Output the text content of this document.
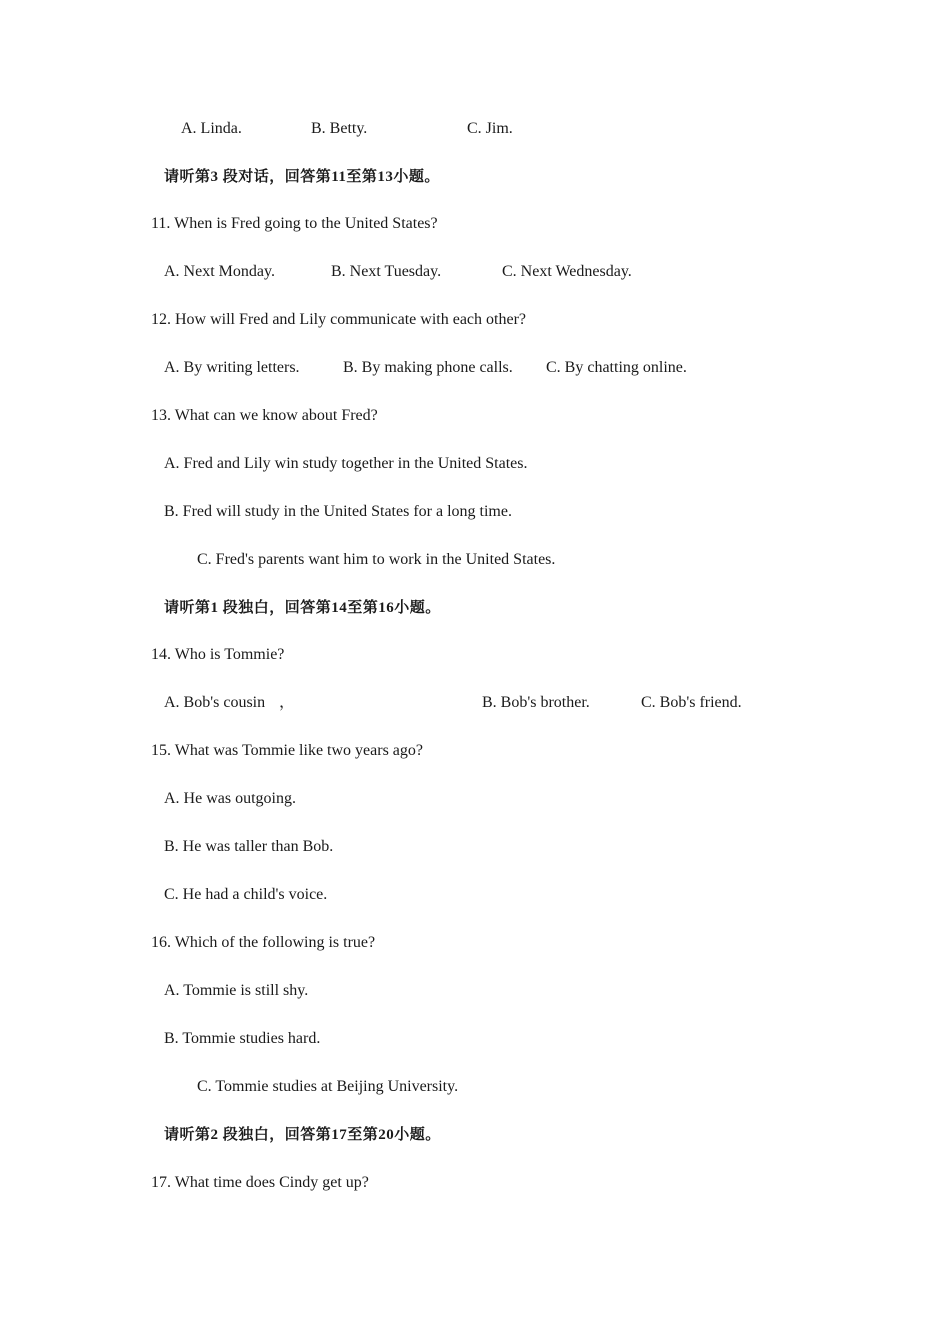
A. Linda.	B. Betty.	C. Jim.
请听第3 段对话，回答第11至第13小题。
11. When is Fred going to the United States?
A. Next Monday.	B. Next Tuesday.	C. Next Wednesday.
12. How will Fred and Lily communicate with each other?
A. By writing letters.	B. By making phone calls. C. By chatting online.
13. What can we know about Fred?
A. Fred and Lily win study together in the United States.
B. Fred will study in the United States for a long time.
C. Fred's parents want him to work in the United States.
请听第1 段独白，回答第14至第16小题。
14. Who is Tommie?
A. Bob's cousin ，	B. Bob's brother.	C. Bob's friend.
15. What was Tommie like two years ago?
A. He was outgoing.
B. He was taller than Bob.
C. He had a child's voice.
16. Which of the following is true?
A. Tommie is still shy.
B. Tommie studies hard.
C. Tommie studies at Beijing University.
请听第2 段独白，回答第17至第20小题。
17. What time does Cindy get up?
